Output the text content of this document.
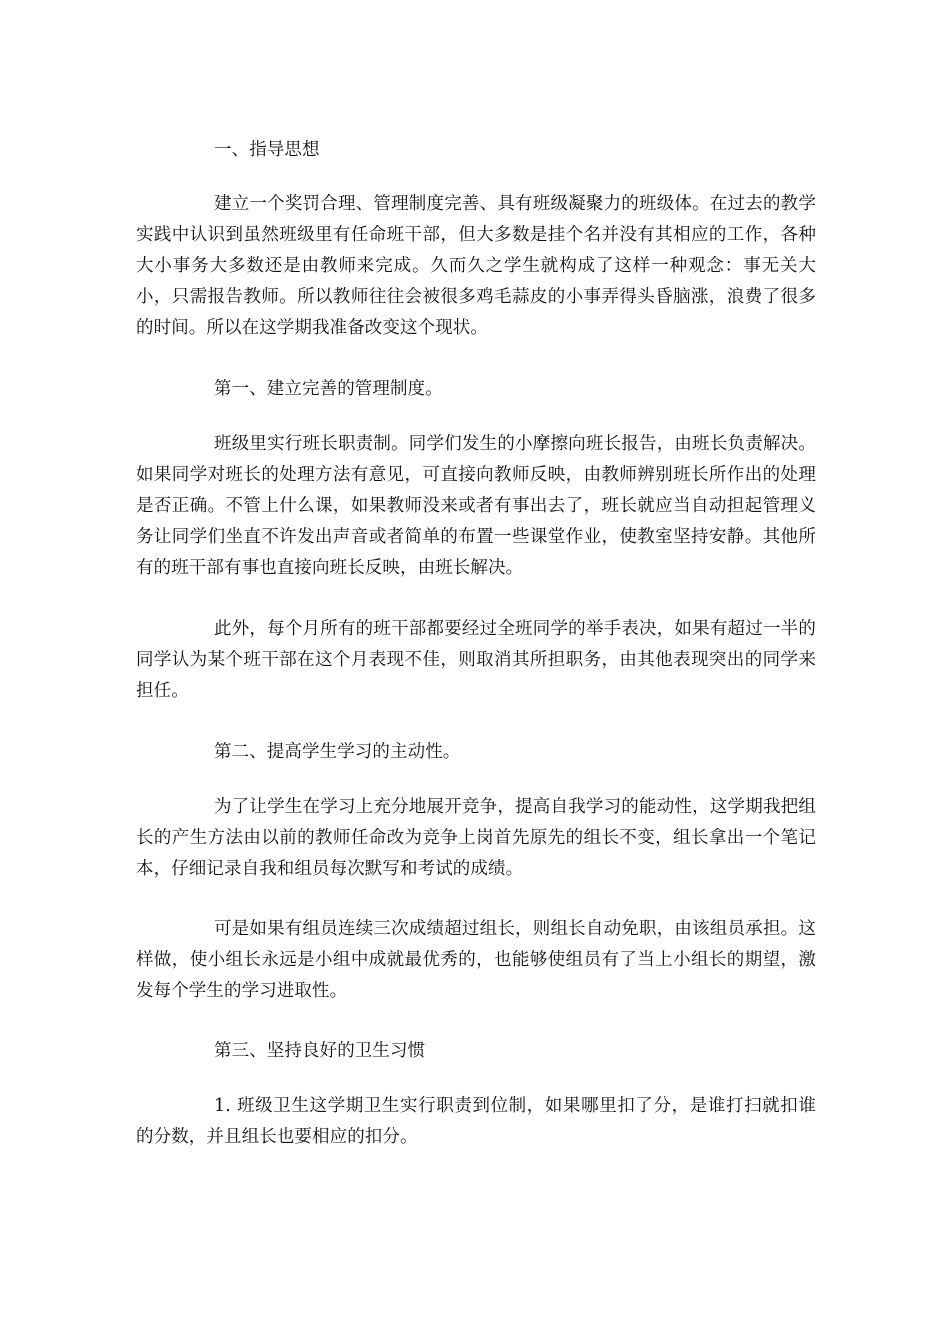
一、指导思想
建立一个奖罚合理、管理制度完善、具有班级凝聚力的班级体。在过去的教学实践中认识到虽然班级里有任命班干部，但大多数是挂个名并没有其相应的工作，各种大小事务大多数还是由教师来完成。久而久之学生就构成了这样一种观念：事无关大小，只需报告教师。所以教师往往会被很多鸡毛蒜皮的小事弄得头昏脑涨，浪费了很多的时间。所以在这学期我准备改变这个现状。
第一、建立完善的管理制度。
班级里实行班长职责制。同学们发生的小摩擦向班长报告，由班长负责解决。如果同学对班长的处理方法有意见，可直接向教师反映，由教师辨别班长所作出的处理是否正确。不管上什么课，如果教师没来或者有事出去了，班长就应当自动担起管理义务让同学们坐直不许发出声音或者简单的布置一些课堂作业，使教室坚持安静。其他所有的班干部有事也直接向班长反映，由班长解决。
此外，每个月所有的班干部都要经过全班同学的举手表决，如果有超过一半的同学认为某个班干部在这个月表现不佳，则取消其所担职务，由其他表现突出的同学来担任。
第二、提高学生学习的主动性。
为了让学生在学习上充分地展开竞争，提高自我学习的能动性，这学期我把组长的产生方法由以前的教师任命改为竞争上岗首先原先的组长不变，组长拿出一个笔记本，仔细记录自我和组员每次默写和考试的成绩。
可是如果有组员连续三次成绩超过组长，则组长自动免职，由该组员承担。这样做，使小组长永远是小组中成就最优秀的，也能够使组员有了当上小组长的期望，激发每个学生的学习进取性。
第三、坚持良好的卫生习惯
1. 班级卫生这学期卫生实行职责到位制，如果哪里扣了分，是谁打扫就扣谁的分数，并且组长也要相应的扣分。
